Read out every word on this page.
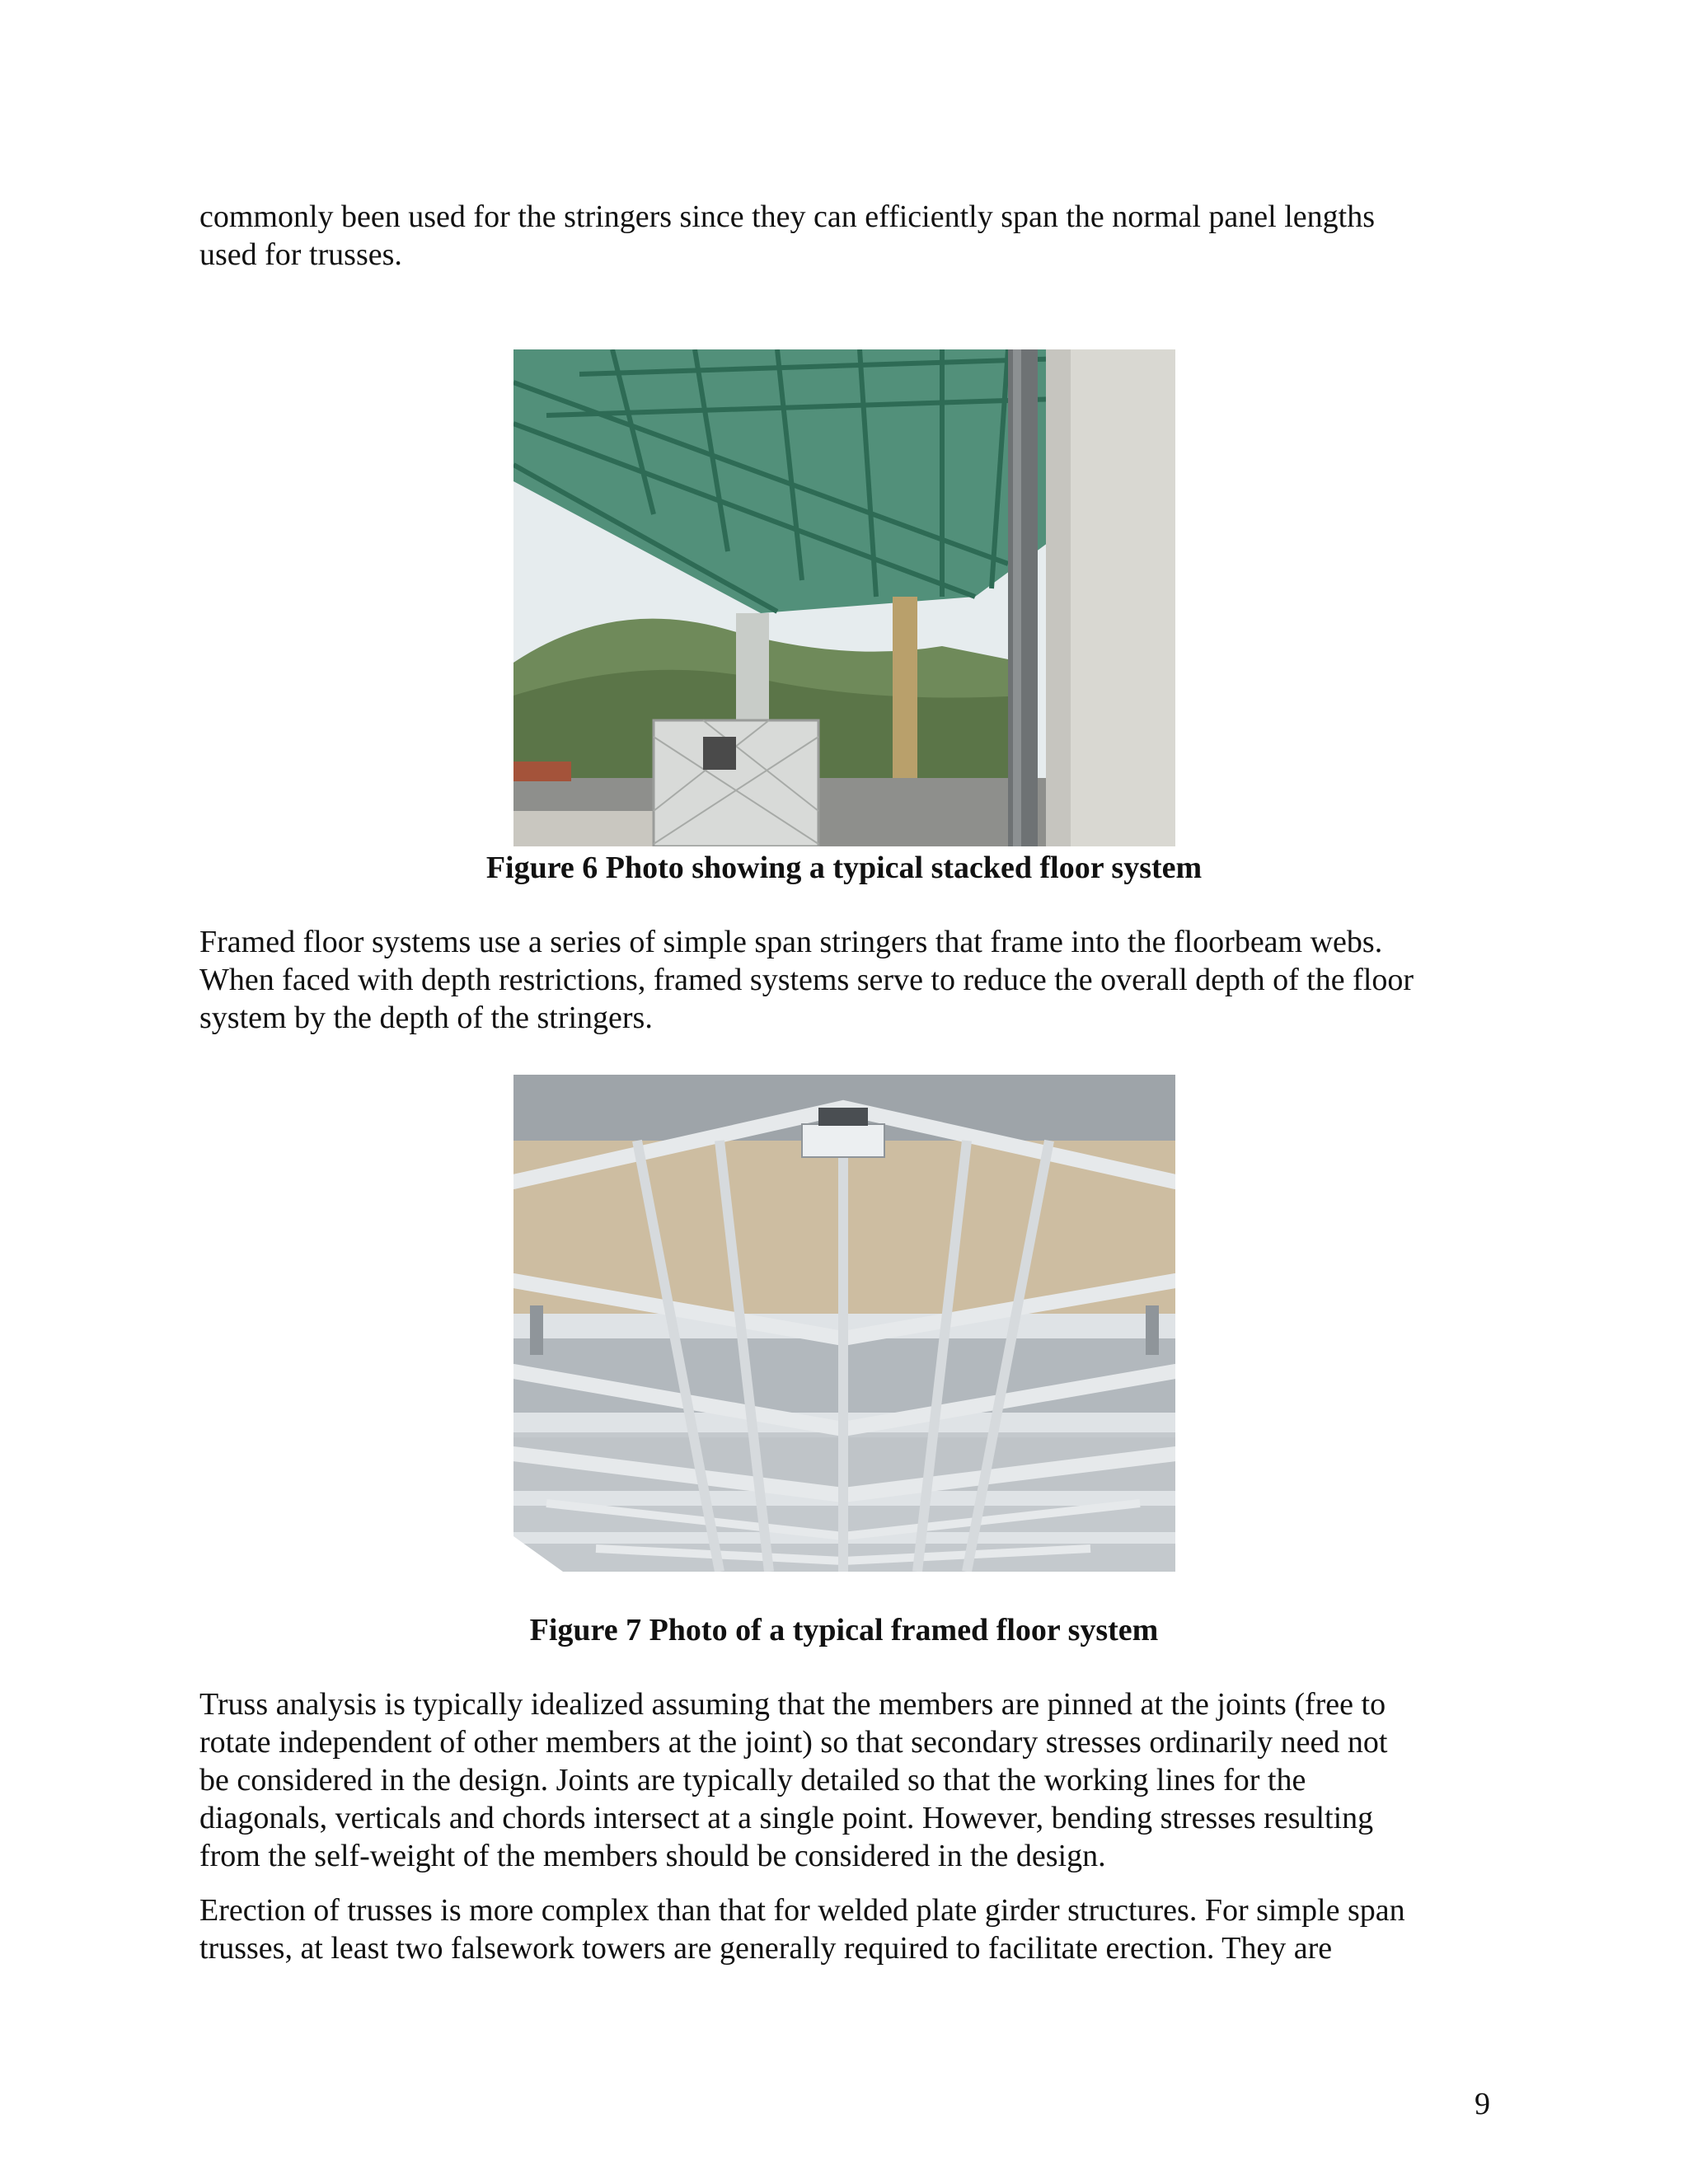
commonly been used for the stringers since they can efficiently span the normal panel lengths
used for trusses.
Figure 6 Photo showing a typical stacked floor system
Framed floor systems use a series of simple span stringers that frame into the floorbeam webs.
When faced with depth restrictions, framed systems serve to reduce the overall depth of the floor
system by the depth of the stringers.
Figure 7 Photo of a typical framed floor system
Truss analysis is typically idealized assuming that the members are pinned at the joints (free to
rotate independent of other members at the joint) so that secondary stresses ordinarily need not
be considered in the design. Joints are typically detailed so that the working lines for the
diagonals, verticals and chords intersect at a single point. However, bending stresses resulting
from the self-weight of the members should be considered in the design.
Erection of trusses is more complex than that for welded plate girder structures. For simple span
trusses, at least two falsework towers are generally required to facilitate erection. They are
9
